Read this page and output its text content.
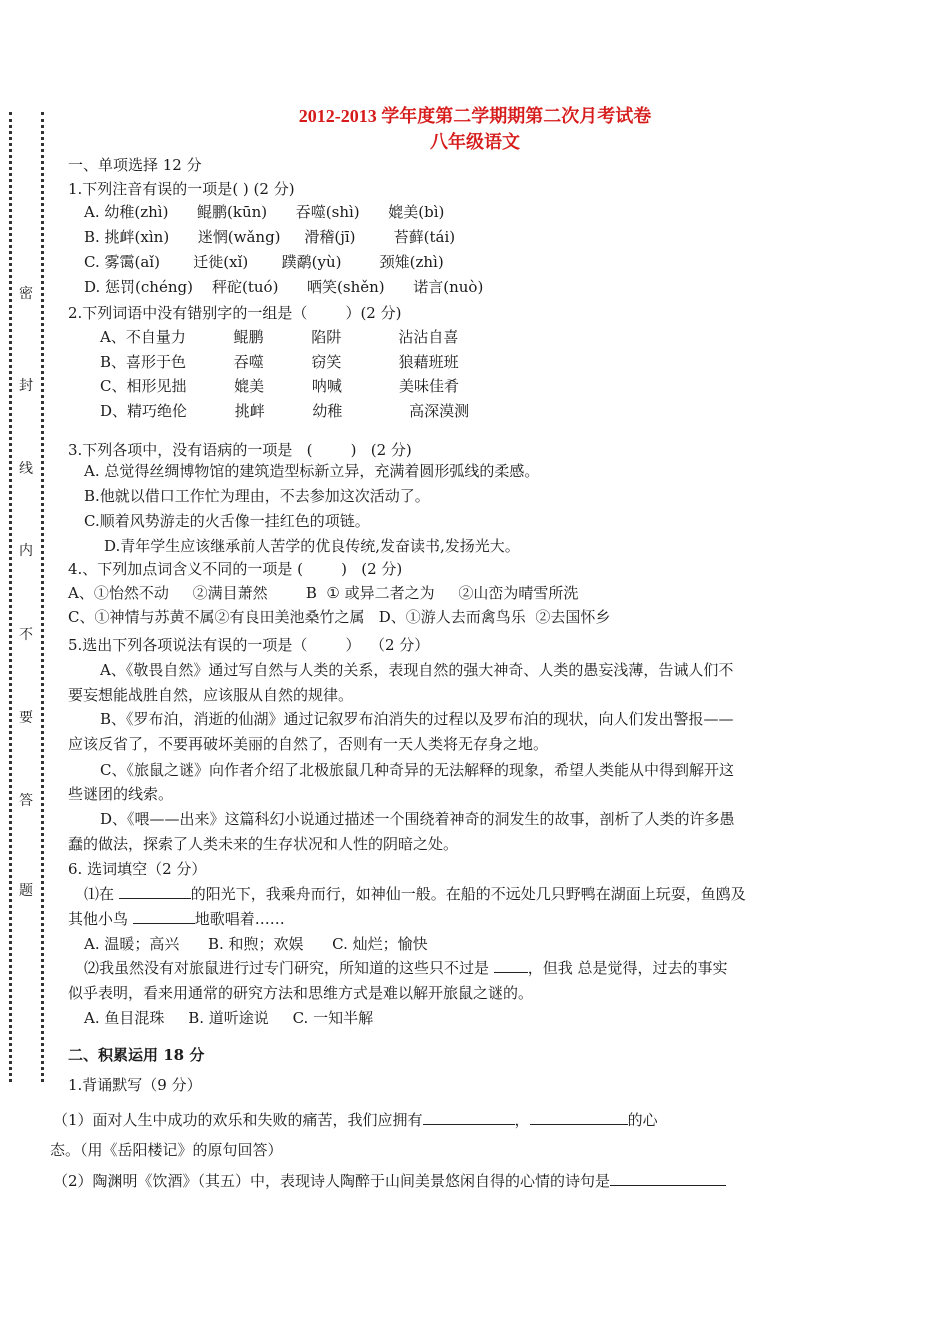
密
封
线
内
不
要
答
题
2012-2013 学年度第二学期期第二次月考试卷
八年级语文
一、单项选择 12 分
1.下列注音有误的一项是( ) (2 分)
A. 幼稚(zhì)      鲲鹏(kūn)      吞噬(shì)      媲美(bì)
B. 挑衅(xìn)      迷惘(wǎng)     滑稽(jī)        苔藓(tái)
C. 雾霭(aǐ)       迁徙(xǐ)       蹼鹬(yù)        颈雉(zhì)
D. 惩罚(chéng)    秤砣(tuó)      哂笑(shěn)      诺言(nuò)
2.下列词语中没有错别字的一组是（        ）(2 分)
A、不自量力          鲲鹏          陷阱            沾沾自喜
B、喜形于色          吞噬          窃笑            狼藉班班
C、相形见拙          媲美          呐喊            美味佳肴
D、精巧绝伦          挑衅          幼稚              高深漠测
3.下列各项中，没有语病的一项是   (        )   (2 分)
A. 总觉得丝绸博物馆的建筑造型标新立异，充满着圆形弧线的柔感。
B.他就以借口工作忙为理由，不去参加这次活动了。
C.顺着风势游走的火舌像一挂红色的项链。
D.青年学生应该继承前人苦学的优良传统,发奋读书,发扬光大。
4.、下列加点词含义不同的一项是 (        )   (2 分)
A、①怡然不动     ②满目萧然        B  ① 或异二者之为     ②山峦为晴雪所洗
C、①神情与苏黄不属②有良田美池桑竹之属   D、①游人去而禽鸟乐  ②去国怀乡
5.选出下列各项说法有误的一项是（        ）  （2 分）
A、《敬畏自然》通过写自然与人类的关系，表现自然的强大神奇、人类的愚妄浅薄，告诫人们不
要妄想能战胜自然，应该服从自然的规律。
B、《罗布泊，消逝的仙湖》通过记叙罗布泊消失的过程以及罗布泊的现状，向人们发出警报——
应该反省了，不要再破坏美丽的自然了，否则有一天人类将无存身之地。
C、《旅鼠之谜》向作者介绍了北极旅鼠几种奇异的无法解释的现象，希望人类能从中得到解开这
些谜团的线索。
D、《喂——出来》这篇科幻小说通过描述一个围绕着神奇的洞发生的故事，剖析了人类的许多愚
蠢的做法，探索了人类未来的生存状况和人性的阴暗之处。
6. 选词填空（2 分）
⑴在	的阳光下，我乘舟而行，如神仙一般。在船的不远处几只野鸭在湖面上玩耍，鱼鸥及
其他小鸟	地歌唱着……
A. 温暖；高兴      B. 和煦；欢娱      C. 灿烂；愉快
⑵我虽然没有对旅鼠进行过专门研究，所知道的这些只不过是 ，但我 总是觉得，过去的事实
似乎表明，看来用通常的研究方法和思维方式是难以解开旅鼠之谜的。
A. 鱼目混珠     B. 道听途说     C. 一知半解
二、积累运用 18 分
1.背诵默写（9 分）
（1）面对人生中成功的欢乐和失败的痛苦，我们应拥有	，	的心
态。（用《岳阳楼记》的原句回答）
（2）陶渊明《饮酒》（其五）中，表现诗人陶醉于山间美景悠闲自得的心情的诗句是
